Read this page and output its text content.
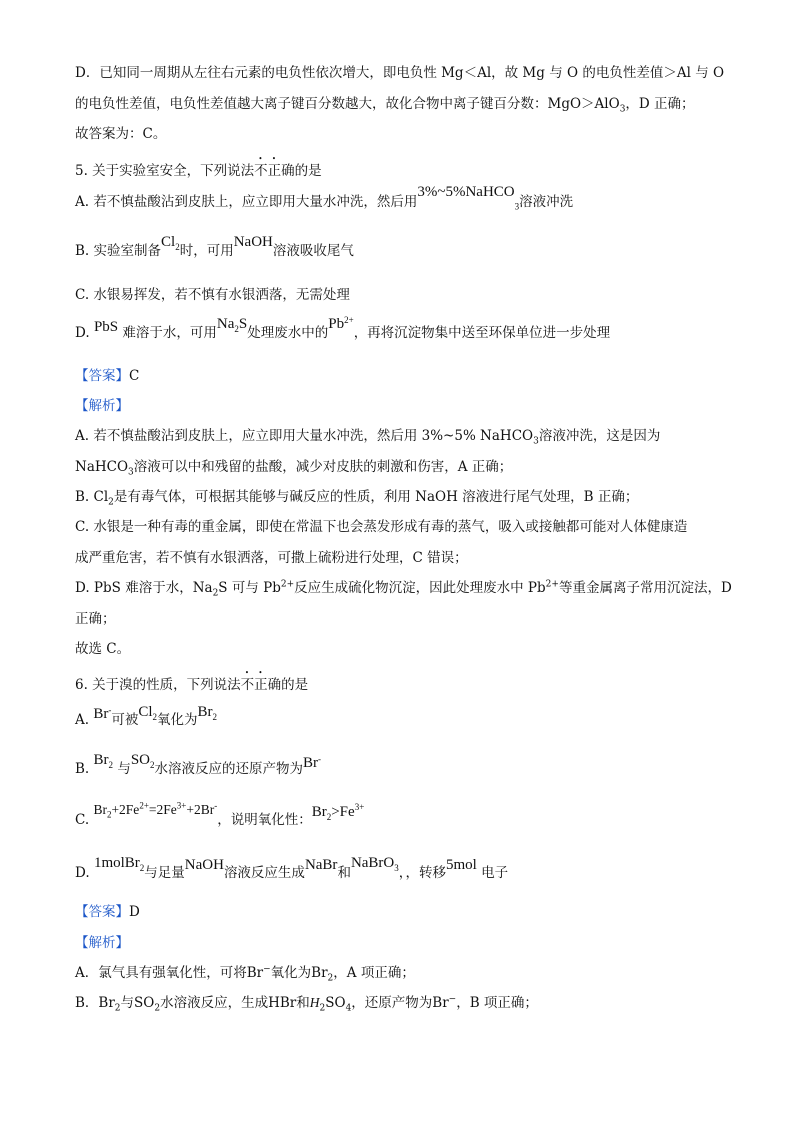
D．已知同一周期从左往右元素的电负性依次增大，即电负性 Mg＜Al，故 Mg 与 O 的电负性差值＞Al 与 O
的电负性差值，电负性差值越大离子键百分数越大，故化合物中离子键百分数：MgO＞AlO$_3$，D 正确；
故答案为：C。
5. 关于实验室安全，下列说法不正确的是
A. 若不慎盐酸沾到皮肤上，应立即用大量水冲洗，然后用3%~5%NaHCO$_3$溶液冲洗
B. 实验室制备$Cl_2$时，可用NaOH溶液吸收尾气
C. 水银易挥发，若不慎有水银洒落，无需处理
D. PbS 难溶于水，可用$Na_2S$处理废水中的$Pb^{2+}$，再将沉淀物集中送至环保单位进一步处理
【答案】C
【解析】
A. 若不慎盐酸沾到皮肤上，应立即用大量水冲洗，然后用 3%~5% NaHCO$_3$溶液冲洗，这是因为
NaHCO$_3$溶液可以中和残留的盐酸，减少对皮肤的刺激和伤害，A 正确；
B. $Cl_2$是有毒气体，可根据其能够与碱反应的性质，利用 NaOH 溶液进行尾气处理，B 正确；
C. 水银是一种有毒的重金属，即使在常温下也会蒸发形成有毒的蒸气，吸入或接触都可能对人体健康造
成严重危害，若不慎有水银洒落，可撒上硫粉进行处理，C 错误；
D. PbS 难溶于水，$Na_2S$ 可与 $Pb^{2+}$反应生成硫化物沉淀，因此处理废水中 $Pb^{2+}$等重金属离子常用沉淀法，D
正确；
故选 C。
6. 关于溴的性质，下列说法不正确的是
A. Br-可被$Cl_2$氧化为$Br_2$
B. $Br_2$ 与$SO_2$水溶液反应的还原产物为Br-
C. $Br_2+2Fe^{2+}=2Fe^{3+}+2Br^-$，说明氧化性：$Br_2>Fe^{3+}$
D. 1molBr$_2$与足量NaOH溶液反应生成NaBr和NaBrO$_3$，，转移5mol 电子
【答案】D
【解析】
A．氯气具有强氧化性，可将Br−氧化为$Br_2$，A 项正确；
B．$Br_2$与$SO_2$水溶液反应，生成HBr和$H_2SO_4$，还原产物为Br−，B 项正确；
